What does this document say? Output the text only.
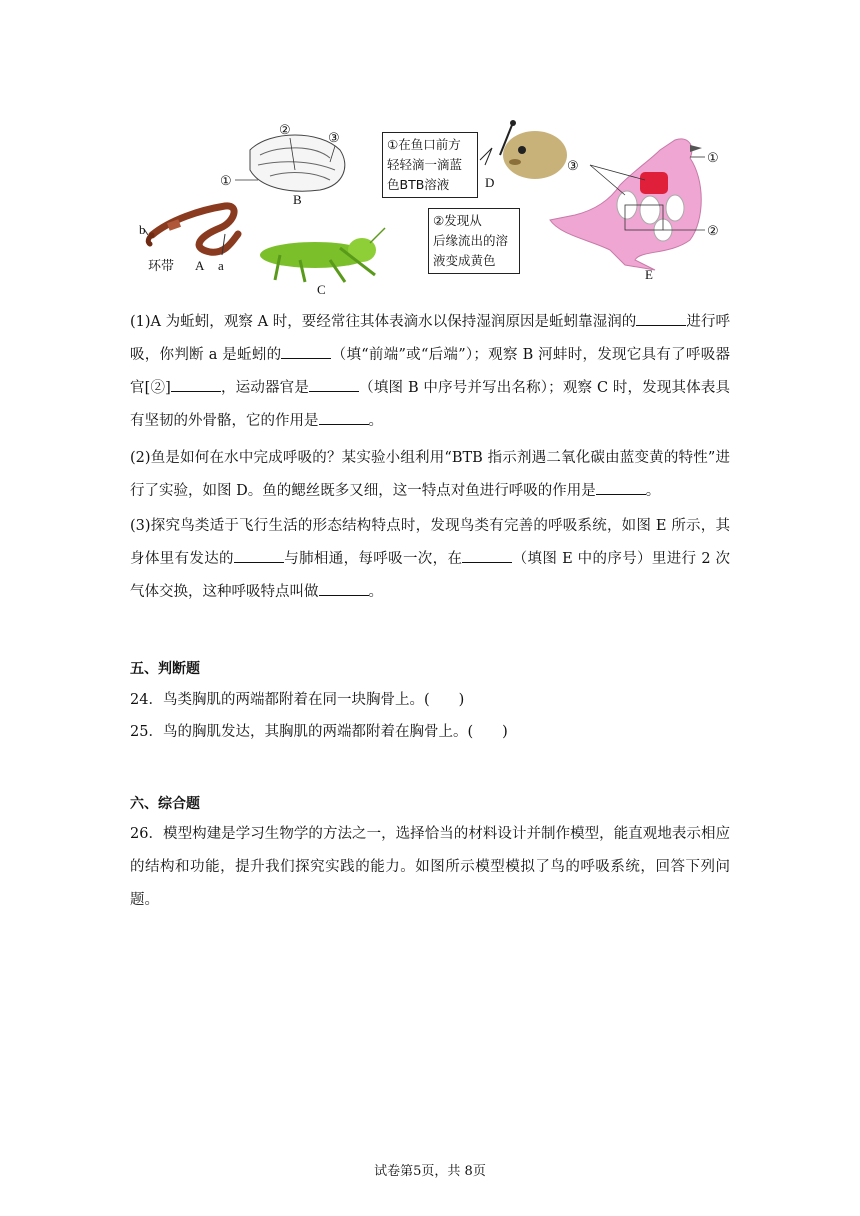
b
环带 A a
①
②
③
B
C
D
③
①
②
E
①在鱼口前方
轻轻滴一滴蓝
色BTB溶液
②发现从
后缘流出的溶
液变成黄色
(1)A 为蚯蚓，观察 A 时，要经常往其体表滴水以保持湿润原因是蚯蚓靠湿润的	进行呼吸，你判断 a 是蚯蚓的	（填“前端”或“后端”）；观察 B 河蚌时，发现它具有了呼吸器官[②]	，运动器官是	（填图 B 中序号并写出名称）；观察 C 时，发现其体表具有坚韧的外骨骼，它的作用是	。
(2)鱼是如何在水中完成呼吸的？某实验小组利用“BTB 指示剂遇二氧化碳由蓝变黄的特性”进行了实验，如图 D。鱼的鳃丝既多又细，这一特点对鱼进行呼吸的作用是	。
(3)探究鸟类适于飞行生活的形态结构特点时，发现鸟类有完善的呼吸系统，如图 E 所示，其身体里有发达的	与肺相通，每呼吸一次，在	（填图 E 中的序号）里进行 2 次气体交换，这种呼吸特点叫做	。
五、判断题
24．鸟类胸肌的两端都附着在同一块胸骨上。(　　)
25．鸟的胸肌发达，其胸肌的两端都附着在胸骨上。(　　)
六、综合题
26．模型构建是学习生物学的方法之一，选择恰当的材料设计并制作模型，能直观地表示相应的结构和功能，提升我们探究实践的能力。如图所示模型模拟了鸟的呼吸系统，回答下列问题。
试卷第5页，共 8页
